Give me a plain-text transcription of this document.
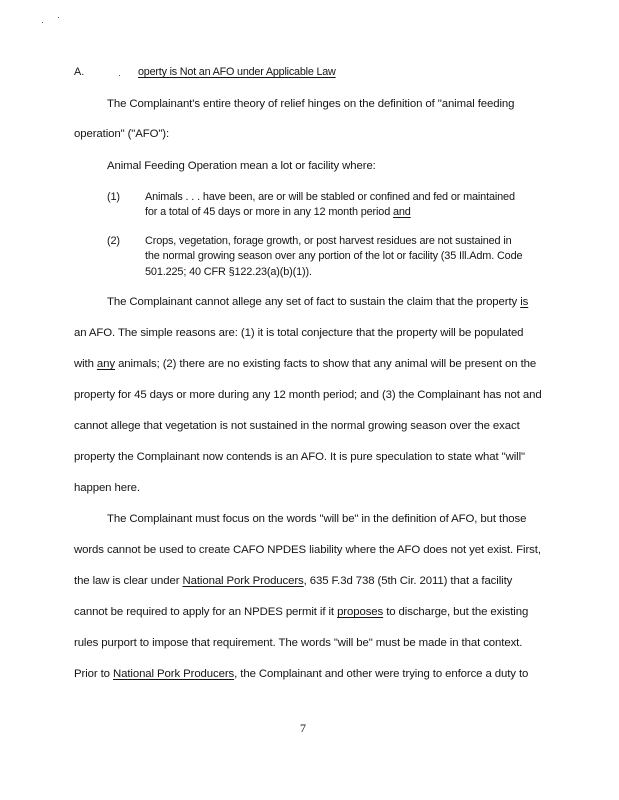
A.	operty is Not an AFO under Applicable Law
The Complainant's entire theory of relief hinges on the definition of "animal feeding
operation" ("AFO"):
Animal Feeding Operation mean a lot or facility where:
(1) Animals . . . have been, are or will be stabled or confined and fed or maintained
for a total of 45 days or more in any 12 month period and
(2) Crops, vegetation, forage growth, or post harvest residues are not sustained in
the normal growing season over any portion of the lot or facility (35 Ill.Adm. Code
501.225; 40 CFR §122.23(a)(b)(1)).
The Complainant cannot allege any set of fact to sustain the claim that the property is
an AFO. The simple reasons are: (1) it is total conjecture that the property will be populated
with any animals; (2) there are no existing facts to show that any animal will be present on the
property for 45 days or more during any 12 month period; and (3) the Complainant has not and
cannot allege that vegetation is not sustained in the normal growing season over the exact
property the Complainant now contends is an AFO. It is pure speculation to state what "will"
happen here.
The Complainant must focus on the words "will be" in the definition of AFO, but those
words cannot be used to create CAFO NPDES liability where the AFO does not yet exist. First,
the law is clear under National Pork Producers, 635 F.3d 738 (5th Cir. 2011) that a facility
cannot be required to apply for an NPDES permit if it proposes to discharge, but the existing
rules purport to impose that requirement. The words "will be" must be made in that context.
Prior to National Pork Producers, the Complainant and other were trying to enforce a duty to
7
